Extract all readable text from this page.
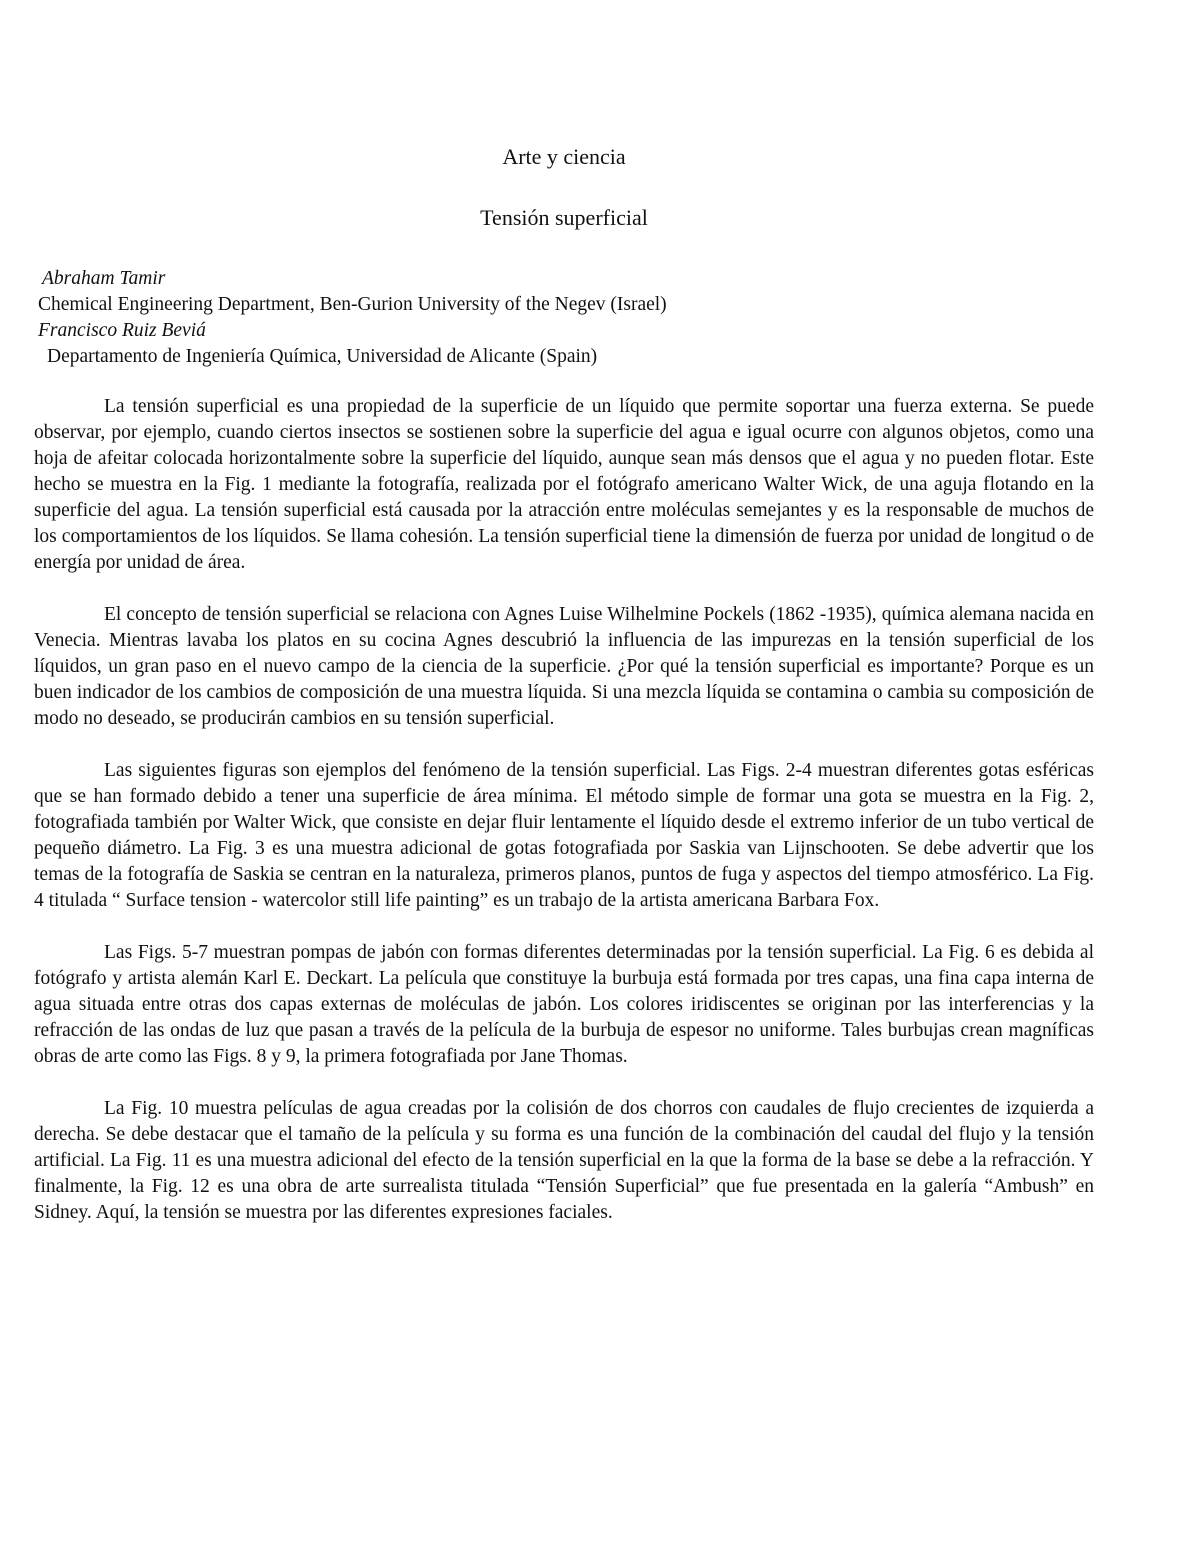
Arte y ciencia
Tensión superficial
Abraham Tamir
Chemical Engineering Department, Ben-Gurion University of the Negev (Israel)
Francisco Ruiz Beviá
Departamento de Ingeniería Química, Universidad de Alicante (Spain)

La tensión superficial es una propiedad de la superficie de un líquido que permite soportar una fuerza externa. Se puede observar, por ejemplo, cuando ciertos insectos se sostienen sobre la superficie del agua e igual ocurre con algunos objetos, como una hoja de afeitar colocada horizontalmente sobre la superficie del líquido, aunque sean más densos que el agua y no pueden flotar. Este hecho se muestra en la Fig. 1 mediante la fotografía, realizada por el fotógrafo americano Walter Wick, de una aguja flotando en la superficie del agua. La tensión superficial está causada por la atracción entre moléculas semejantes y es la responsable de muchos de los comportamientos de los líquidos. Se llama cohesión. La tensión superficial tiene la dimensión de fuerza por unidad de longitud o de energía por unidad de área.

El concepto de tensión superficial se relaciona con Agnes Luise Wilhelmine Pockels (1862 -1935), química alemana nacida en Venecia. Mientras lavaba los platos en su cocina Agnes descubrió la influencia de las impurezas en la tensión superficial de los líquidos, un gran paso en el nuevo campo de la ciencia de la superficie. ¿Por qué la tensión superficial es importante? Porque es un buen indicador de los cambios de composición de una muestra líquida. Si una mezcla líquida se contamina o cambia su composición de modo no deseado, se producirán cambios en su tensión superficial.

Las siguientes figuras son ejemplos del fenómeno de la tensión superficial. Las Figs. 2-4 muestran diferentes gotas esféricas que se han formado debido a tener una superficie de área mínima. El método simple de formar una gota se muestra en la Fig. 2, fotografiada también por Walter Wick, que consiste en dejar fluir lentamente el líquido desde el extremo inferior de un tubo vertical de pequeño diámetro. La Fig. 3 es una muestra adicional de gotas fotografiada por Saskia van Lijnschooten. Se debe advertir que los temas de la fotografía de Saskia se centran en la naturaleza, primeros planos, puntos de fuga y aspectos del tiempo atmosférico. La Fig. 4 titulada “ Surface tension - watercolor still life painting” es un trabajo de la artista americana Barbara Fox.

Las Figs. 5-7 muestran pompas de jabón con formas diferentes determinadas por la tensión superficial. La Fig. 6 es debida al fotógrafo y artista alemán Karl E. Deckart. La película que constituye la burbuja está formada por tres capas, una fina capa interna de agua situada entre otras dos capas externas de moléculas de jabón. Los colores iridiscentes se originan por las interferencias y la refracción de las ondas de luz que pasan a través de la película de la burbuja de espesor no uniforme. Tales burbujas crean magníficas obras de arte como las Figs. 8 y 9, la primera fotografiada por Jane Thomas.

La Fig. 10 muestra películas de agua creadas por la colisión de dos chorros con caudales de flujo crecientes de izquierda a derecha. Se debe destacar que el tamaño de la película y su forma es una función de la combinación del caudal del flujo y la tensión artificial. La Fig. 11 es una muestra adicional del efecto de la tensión superficial en la que la forma de la base se debe a la refracción. Y finalmente, la Fig. 12 es una obra de arte surrealista titulada “Tensión Superficial” que fue presentada en la galería “Ambush” en Sidney. Aquí, la tensión se muestra por las diferentes expresiones faciales.
